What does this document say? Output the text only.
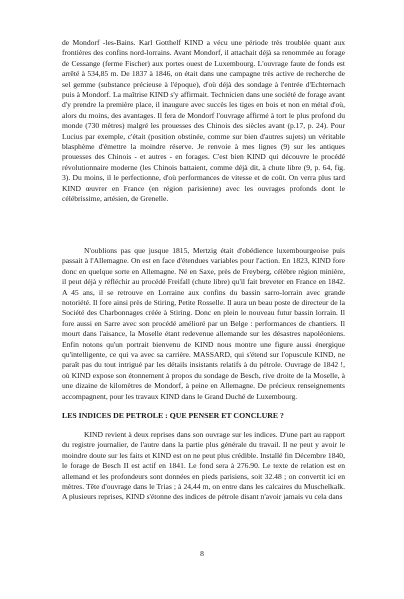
de Mondorf -les-Bains. Karl Gotthelf KIND a vécu une période très troublée quant aux frontières des confins nord-lorrains. Avant Mondorf, il attachait déjà sa renommée au forage de Cessange (ferme Fischer) aux portes ouest de Luxembourg. L'ouvrage faute de fonds est arrêté à 534,85 m. De 1837 à 1846, on était dans une campagne très active de recherche de sel gemme (substance précieuse à l'époque), d'où déjà des sondage à l'entrée d'Echternach puis à Mondorf. La maîtrise KIND s'y affirmait. Technicien dans une société de forage avant d'y prendre la première place, il inaugure avec succès les tiges en bois et non en métal d'où, alors du moins, des avantages. Il fera de Mondorf l'ouvrage affirmé à tort le plus profond du monde (730 mètres) malgré les prouesses des Chinois des siècles avant (p.17, p. 24). Pour Lucius par exemple, c'était (position obstinée, comme sur bien d'autres sujets) un véritable blasphème d'émettre la moindre réserve. Je renvoie à mes lignes (9) sur les antiques prouesses des Chinois - et autres - en forages. C'est bien KIND qui découvre le procédé révolutionnaire moderne (les Chinois battaient, comme déjà dit, à chute libre (9, p. 64, fig. 3). Du moins, il le perfectionne, d'où performances de vitesse et de coût. On verra plus tard KIND œuvrer en France (en région parisienne) avec les ouvrages profonds dont le célébrissime, artésien, de Grenelle.

N'oublions pas que jusque 1815, Mertzig était d'obédience luxembourgeoise puis passait à l'Allemagne. On est en face d'étendues variables pour l'action. En 1823, KIND fore donc en quelque sorte en Allemagne. Né en Saxe, près de Freyberg, célèbre région minière, il peut déjà y réfléchir au procédé Freifall (chute libre) qu'il fait breveter en France en 1842. A 45 ans, il se retrouve en Lorraine aux confins du bassin sarro-lorrain avec grande notoriété. Il fore ainsi près de Stiring, Petite Rosselle. Il aura un beau poste de directeur de la Société des Charbonnages créée à Stiring. Donc en plein le nouveau futur bassin lorrain. Il fore aussi en Sarre avec son procédé amélioré par un Belge : performances de chantiers. Il mourt dans l'aisance, la Moselle étant redevenue allemande sur les désastres napoléoniens. Enfin notons qu'un portrait bienvenu de KIND nous montre une figure aussi énergique qu'intelligente, ce qui va avec sa carrière. MASSARD, qui s'étend sur l'opuscule KIND, ne paraît pas du tout intrigué par les détails insistants relatifs à du pétrole. Ouvrage de 1842 !, où KIND expose son étonnement à propos du sondage de Besch, rive droite de la Moselle, à une dizaine de kilomètres de Mondorf, à peine en Allemagne. De précieux renseignements accompagnent, pour les travaux KIND dans le Grand Duché de Luxembourg.

LES INDICES DE PETROLE : QUE PENSER ET CONCLURE ?

KIND revient à deux reprises dans son ouvrage sur les indices. D'une part au rapport du registre journalier, de l'autre dans la partie plus générale du travail. Il ne peut y avoir le moindre doute sur les faits et KIND est on ne peut plus crédible. Installé fin Décembre 1840, le forage de Besch II est actif en 1841. Le fond sera à 276.90. Le texte de relation est en allemand et les profondeurs sont données en pieds parisiens, soit 32.48 ; on convertit ici en mètres. Tête d'ouvrage dans le Trias ; à 24,44 m, on entre dans les calcaires du Muschelkalk. A plusieurs reprises, KIND s'étonne des indices de pétrole disant n'avoir jamais vu cela dans

8
